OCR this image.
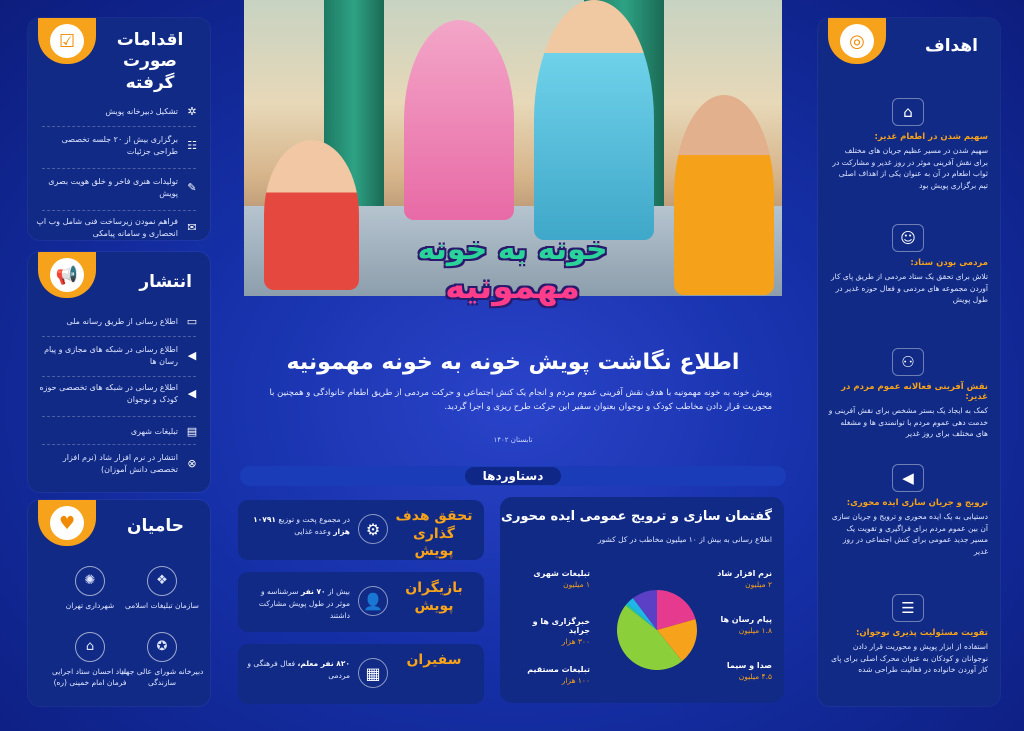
☑	اقدامات صورت گرفته
✲
تشکیل دبیرخانه پویش
☷
برگزاری بیش از ۲۰ جلسه تخصصی طراحی جزئیات
✎
تولیدات هنری فاخر و خلق هویت بصری پویش
✉
فراهم نمودن زیرساخت فنی شامل وب اپ انحصاری و سامانه پیامکی
📢	انتشار
▭
اطلاع رسانی از طریق رسانه ملی
◀
اطلاع رسانی در شبکه های مجازی و پیام رسان ها
◀
اطلاع رسانی در شبکه های تخصصی حوزه کودک و نوجوان
▤
تبلیغات شهری
⊗
انتشار در نرم افزار شاد (نرم افزار تخصصی دانش آموزان)
♥	حامیان
✺
شهرداری تهران
❖
سازمان تبلیغات اسلامی
⌂
بنیاد احسان ستاد اجرایی فرمان امام خمینی (ره)
✪
دبیرخانه شورای عالی جهاد سازندگی
◎	اهداف
⌂
سهیم شدن در اطعام غدیر:
سهیم شدن در مسیر عظیم جریان های مختلف برای نقش آفرینی موثر در روز غدیر و مشارکت در ثواب اطعام در آن به عنوان یکی از اهداف اصلی تیم برگزاری پویش بود
☺
مردمی بودن ستاد:
تلاش برای تحقق یک ستاد مردمی از طریق پای کار آوردن مجموعه های مردمی و فعال حوزه غدیر در طول پویش
⚇
نقش آفرینی فعالانه عموم مردم در غدیر:
کمک به ایجاد یک بستر مشخص برای نقش آفرینی و خدمت دهی عموم مردم با توانمندی ها و مشغله های مختلف برای روز غدیر
◀
ترویج و جریان سازی ایده محوری:
دستیابی به یک ایده محوری و ترویج و جریان سازی آن بین عموم مردم برای فراگیری و تقویت یک مسیر جدید عمومی برای کنش اجتماعی در روز غدیر
☰
تقویت مسئولیت پذیری نوجوان:
استفاده از ابزار پویش و محوریت قرار دادن نوجوانان و کودکان به عنوان محرک اصلی برای پای کار آوردن خانواده در فعالیت طراحی شده
خونه به خونه
مهمونیه
اطلاع نگاشت پویش خونه به خونه مهمونیه
پویش خونه به خونه مهمونیه با هدف نقش آفرینی عموم مردم و انجام یک کنش اجتماعی و حرکت مردمی از طریق اطعام خانوادگی و همچنین با محوریت قرار دادن مخاطب کودک و نوجوان بعنوان سفیر این حرکت طرح ریزی و اجرا گردید.
تابستان ۱۴۰۲
دستاوردها
تحقق هدف گذاری پویش
⚙
در مجموع پخت و توزیع ۱۰۷۹۱ هزار وعده غذایی
بازیگران پویش
👤
بیش از ۷۰ نفر سرشناسه و موثر در طول پویش مشارکت داشتند
سفیران
▦
۸۲۰ نفر معلم، فعال فرهنگی و مردمی
گفتمان سازی و ترویج عمومی ایده محوری
اطلاع رسانی به بیش از ۱۰ میلیون مخاطب در کل کشور
نرم افزار شاد
۲ میلیون
پیام رسان ها
۱.۸ میلیون
صدا و سیما
۴.۵ میلیون
تبلیغات مستقیم
۱۰۰ هزار
خبرگزاری ها و جراید
۳۰۰ هزار
تبلیغات شهری
۱ میلیون
